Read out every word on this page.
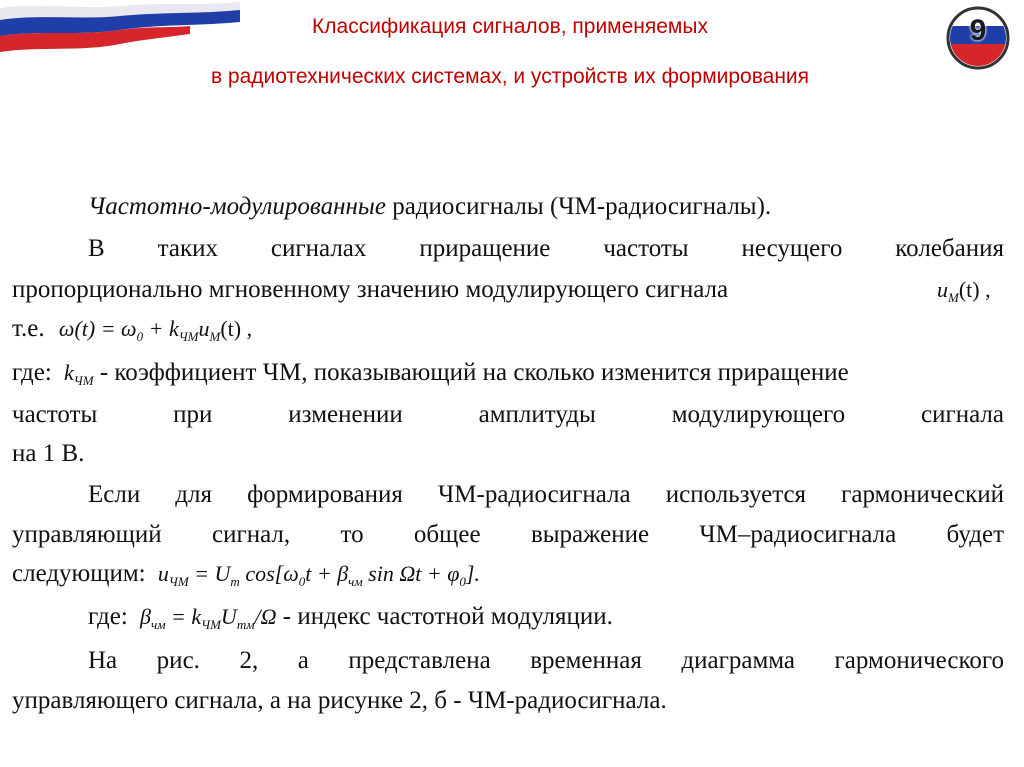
9
Классификация сигналов, применяемых
в радиотехнических системах, и устройств их формирования
Частотно-модулированные радиосигналы (ЧМ-радиосигналы).
В таких сигналах приращение частоты несущего колебания
пропорционально мгновенному значению модулирующего сигнала	$u_M(t)$ ,
т.е. $\omega(t) = \omega_0 + k_{ЧМ}u_M(t)$ ,
где: $k_{ЧМ}$ - коэффициент ЧМ, показывающий на сколько изменится приращение
частоты при изменении амплитуды модулирующего сигнала
на 1 В.
Если для формирования ЧМ-радиосигнала используется гармонический
управляющий сигнал, то общее выражение ЧМ–радиосигнала будет
следующим: $u_{ЧМ} = U_m$ $\cos[\omega_0t + \beta_{чм}$ $\sin \Omega t + \varphi_0$].
где: $\beta_{чм} = k_{ЧМ}U_{mм}/\Omega$ - индекс частотной модуляции.
На рис. 2, а представлена временная диаграмма гармонического
управляющего сигнала, а на рисунке 2, б - ЧМ-радиосигнала.
